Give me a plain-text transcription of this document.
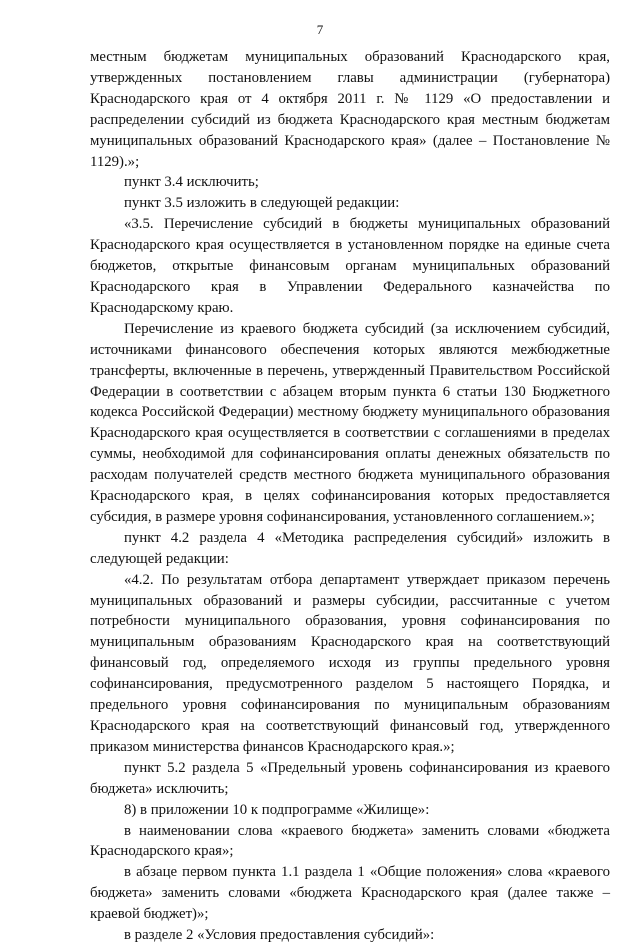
7

местным бюджетам муниципальных образований Краснодарского края, утвержденных постановлением главы администрации (губернатора) Краснодарского края от 4 октября 2011 г. № 1129 «О предоставлении и распределении субсидий из бюджета Краснодарского края местным бюджетам муниципальных образований Краснодарского края» (далее – Постановление № 1129).»;

пункт 3.4 исключить;

пункт 3.5 изложить в следующей редакции:

«3.5. Перечисление субсидий в бюджеты муниципальных образований Краснодарского края осуществляется в установленном порядке на единые счета бюджетов, открытые финансовым органам муниципальных образований Краснодарского края в Управлении Федерального казначейства по Краснодарскому краю.

Перечисление из краевого бюджета субсидий (за исключением субсидий, источниками финансового обеспечения которых являются межбюджетные трансферты, включенные в перечень, утвержденный Правительством Российской Федерации в соответствии с абзацем вторым пункта 6 статьи 130 Бюджетного кодекса Российской Федерации) местному бюджету муниципального образования Краснодарского края осуществляется в соответствии с соглашениями в пределах суммы, необходимой для софинансирования оплаты денежных обязательств по расходам получателей средств местного бюджета муниципального образования Краснодарского края, в целях софинансирования которых предоставляется субсидия, в размере уровня софинансирования, установленного соглашением.»;

пункт 4.2 раздела 4 «Методика распределения субсидий» изложить в следующей редакции:

«4.2. По результатам отбора департамент утверждает приказом перечень муниципальных образований и размеры субсидии, рассчитанные с учетом потребности муниципального образования, уровня софинансирования по муниципальным образованиям Краснодарского края на соответствующий финансовый год, определяемого исходя из группы предельного уровня софинансирования, предусмотренного разделом 5 настоящего Порядка, и предельного уровня софинансирования по муниципальным образованиям Краснодарского края на соответствующий финансовый год, утвержденного приказом министерства финансов Краснодарского края.»;

пункт 5.2 раздела 5 «Предельный уровень софинансирования из краевого бюджета» исключить;

8) в приложении 10 к подпрограмме «Жилище»:

в наименовании слова «краевого бюджета» заменить словами «бюджета Краснодарского края»;

в абзаце первом пункта 1.1 раздела 1 «Общие положения» слова «краевого бюджета» заменить словами «бюджета Краснодарского края (далее также – краевой бюджет)»;

в разделе 2 «Условия предоставления субсидий»:
